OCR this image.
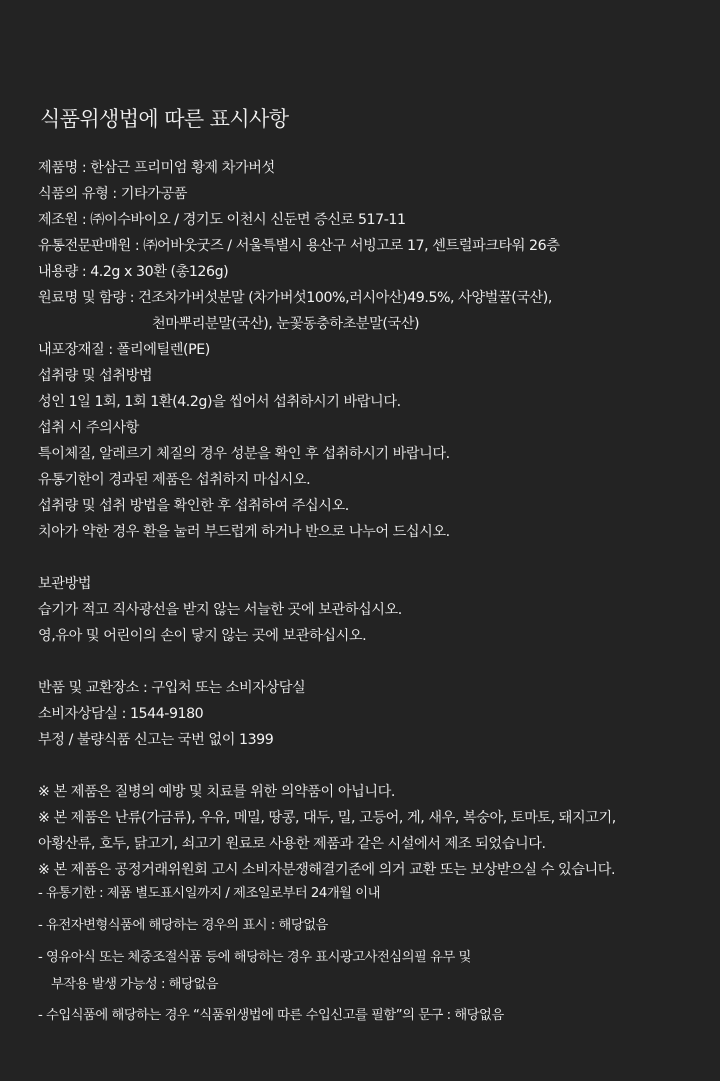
식품위생법에 따른 표시사항
제품명 : 한삼근 프리미엄 황제 차가버섯
식품의 유형 : 기타가공품
제조원 : ㈜이수바이오 / 경기도 이천시 신둔면 증신로 517-11
유통전문판매원 : ㈜어바웃굿즈 / 서울특별시 용산구 서빙고로 17, 센트럴파크타워 26층
내용량 : 4.2g x 30환 (총126g)
원료명 및 함량 : 건조차가버섯분말 (차가버섯100%,러시아산)49.5%, 사양벌꿀(국산),
천마뿌리분말(국산), 눈꽃동충하초분말(국산)
내포장재질 : 폴리에틸렌(PE)
섭취량 및 섭취방법
성인 1일 1회, 1회 1환(4.2g)을 씹어서 섭취하시기 바랍니다.
섭취 시 주의사항
특이체질, 알레르기 체질의 경우 성분을 확인 후 섭취하시기 바랍니다.
유통기한이 경과된 제품은 섭취하지 마십시오.
섭취량 및 섭취 방법을 확인한 후 섭취하여 주십시오.
치아가 약한 경우 환을 눌러 부드럽게 하거나 반으로 나누어 드십시오.
보관방법
습기가 적고 직사광선을 받지 않는 서늘한 곳에 보관하십시오.
영,유아 및 어린이의 손이 닿지 않는 곳에 보관하십시오.
반품 및 교환장소 : 구입처 또는 소비자상담실
소비자상담실 : 1544-9180
부정 / 불량식품 신고는 국번 없이 1399
※ 본 제품은 질병의 예방 및 치료를 위한 의약품이 아닙니다.
※ 본 제품은 난류(가금류), 우유, 메밀, 땅콩, 대두, 밀, 고등어, 게, 새우, 복숭아, 토마토, 돼지고기,
아황산류, 호두, 닭고기, 쇠고기 원료로 사용한 제품과 같은 시설에서 제조 되었습니다.
※ 본 제품은 공정거래위원회 고시 소비자분쟁해결기준에 의거 교환 또는 보상받으실 수 있습니다.
- 유통기한 : 제품 별도표시일까지 / 제조일로부터 24개월 이내
- 유전자변형식품에 해당하는 경우의 표시 : 해당없음
- 영유아식 또는 체중조절식품 등에 해당하는 경우 표시광고사전심의필 유무 및
부작용 발생 가능성 : 해당없음
- 수입식품에 해당하는 경우 “식품위생법에 따른 수입신고를 필함”의 문구 : 해당없음
